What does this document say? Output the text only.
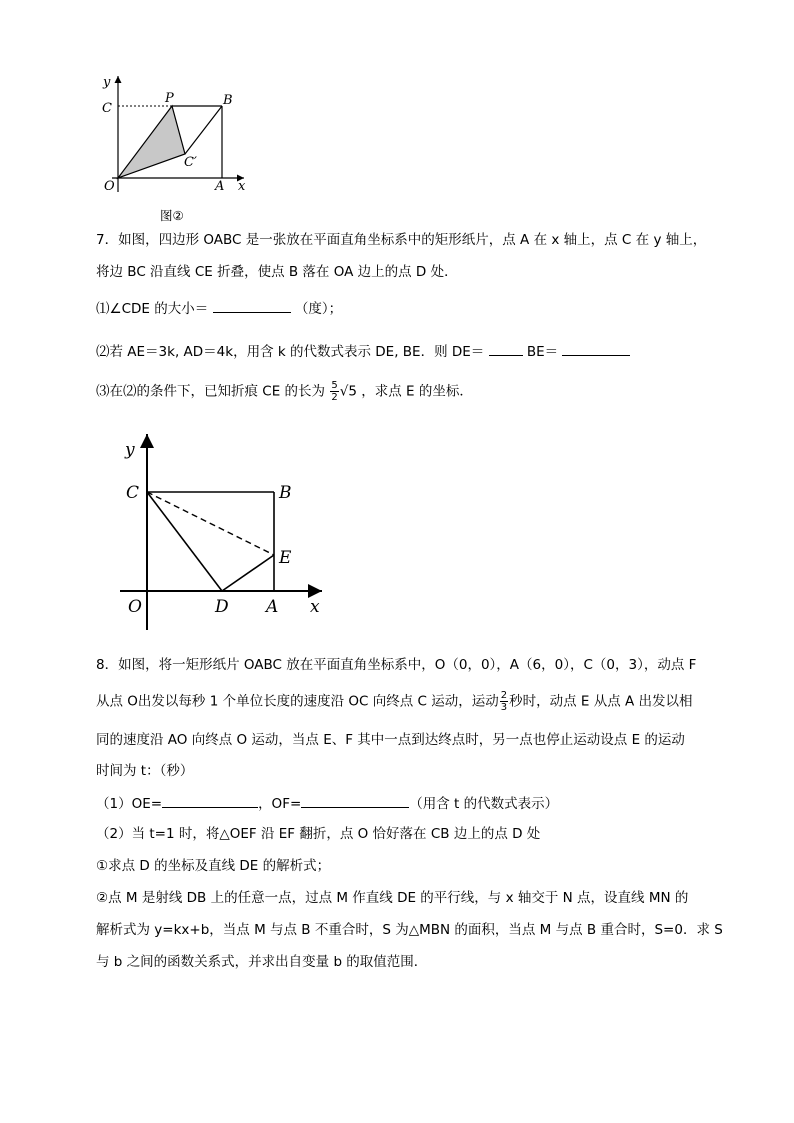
y
C
P	B
C′
O	A x
图②
7．如图，四边形 OABC 是一张放在平面直角坐标系中的矩形纸片，点 A 在 x 轴上，点 C 在 y 轴上，
将边 BC 沿直线 CE 折叠，使点 B 落在 OA 边上的点 D 处．
⑴∠CDE 的大小＝	（度）；
⑵若 AE＝3k, AD＝4k，用含 k 的代数式表示 DE, BE．则 DE＝	BE＝
⑶在⑵的条件下，已知折痕 CE 的长为 $\frac{5}{2} √5$ ，求点 E 的坐标．
y
C	B
E
O	D A x
8．如图，将一矩形纸片 OABC 放在平面直角坐标系中，O（0，0），A（6，0），C（0，3），动点 F
从点 O出发以每秒 1 个单位长度的速度沿 OC 向终点 C 运动，运动 $\frac{2}{3}$ 秒时，动点 E 从点 A 出发以相
同的速度沿 AO 向终点 O 运动，当点 E、F 其中一点到达终点时，另一点也停止运动设点 E 的运动
时间为 t：（秒）
（1）OE=	，OF=	（用含 t 的代数式表示）
（2）当 t=1 时，将△OEF 沿 EF 翻折，点 O 恰好落在 CB 边上的点 D 处
①求点 D 的坐标及直线 DE 的解析式；
②点 M 是射线 DB 上的任意一点，过点 M 作直线 DE 的平行线，与 x 轴交于 N 点，设直线 MN 的
解析式为 y=kx+b，当点 M 与点 B 不重合时，S 为△MBN 的面积，当点 M 与点 B 重合时，S=0．求 S
与 b 之间的函数关系式，并求出自变量 b 的取值范围．
